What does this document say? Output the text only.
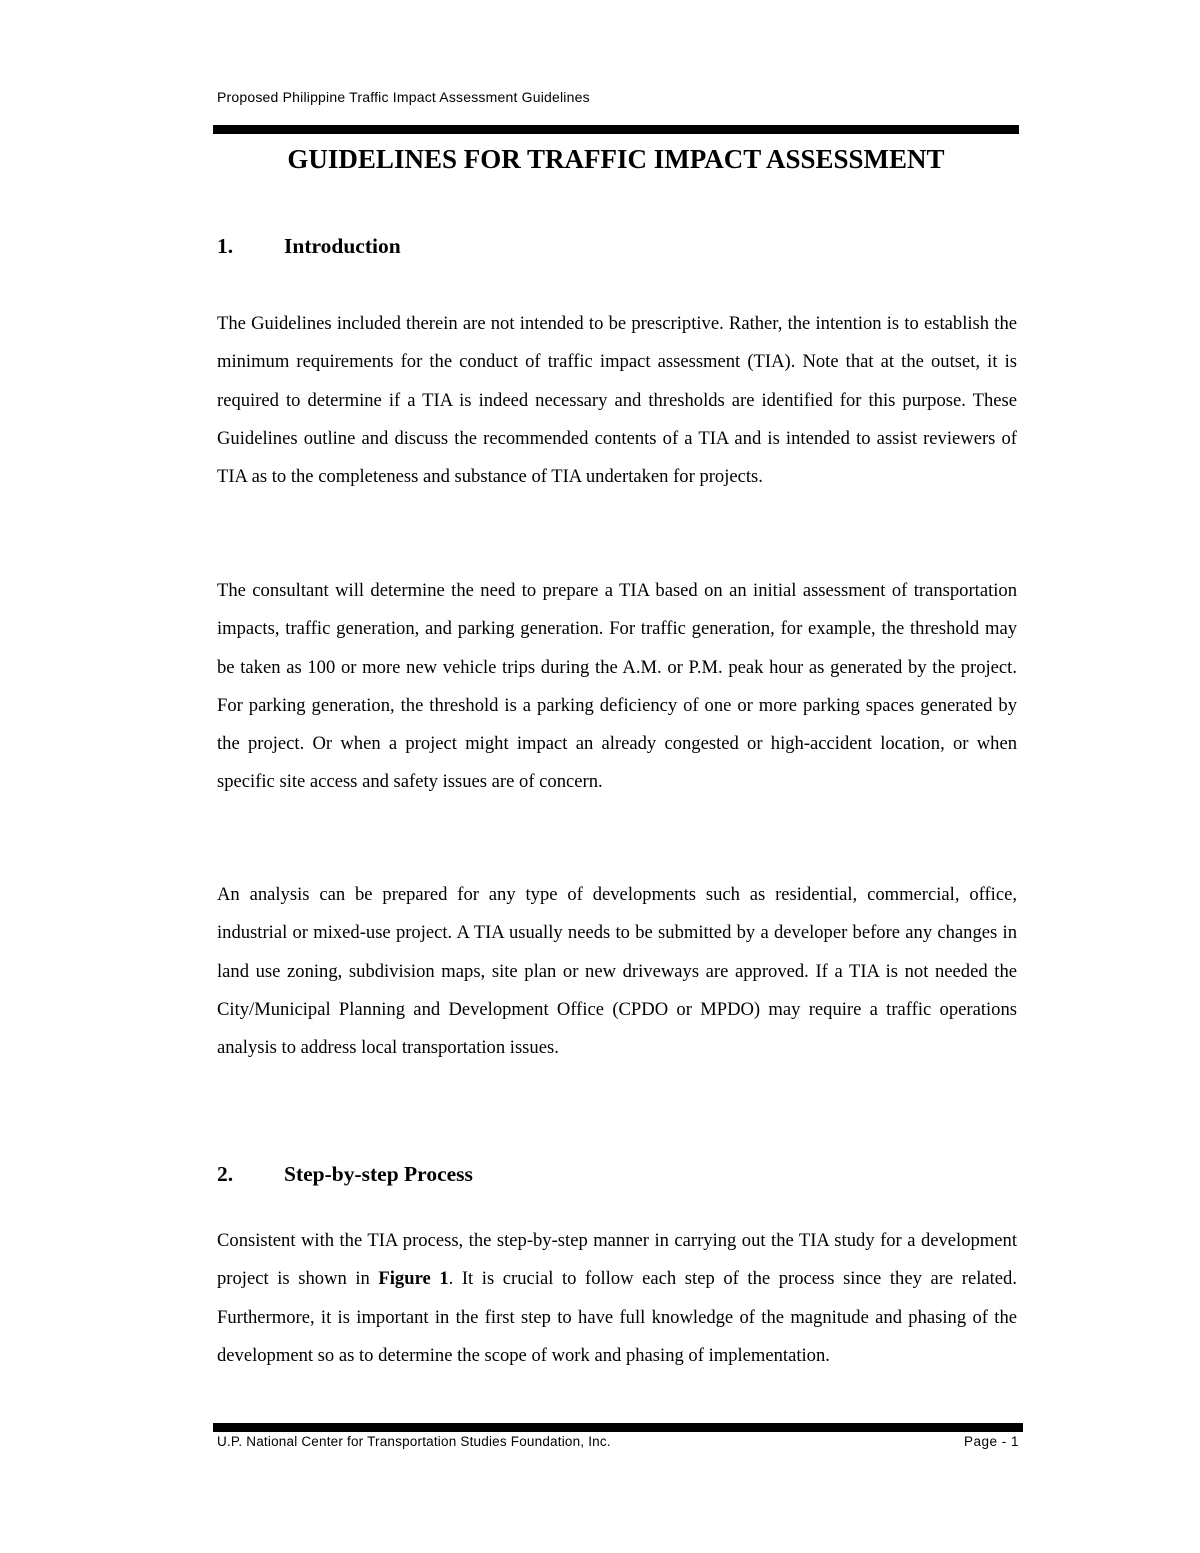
Proposed Philippine Traffic Impact Assessment Guidelines
GUIDELINES FOR TRAFFIC IMPACT ASSESSMENT
1. Introduction

The Guidelines included therein are not intended to be prescriptive. Rather, the intention is to establish the minimum requirements for the conduct of traffic impact assessment (TIA). Note that at the outset, it is required to determine if a TIA is indeed necessary and thresholds are identified for this purpose. These Guidelines outline and discuss the recommended contents of a TIA and is intended to assist reviewers of TIA as to the completeness and substance of TIA undertaken for projects.

The consultant will determine the need to prepare a TIA based on an initial assessment of transportation impacts, traffic generation, and parking generation. For traffic generation, for example, the threshold may be taken as 100 or more new vehicle trips during the A.M. or P.M. peak hour as generated by the project. For parking generation, the threshold is a parking deficiency of one or more parking spaces generated by the project. Or when a project might impact an already congested or high-accident location, or when specific site access and safety issues are of concern.

An analysis can be prepared for any type of developments such as residential, commercial, office, industrial or mixed-use project. A TIA usually needs to be submitted by a developer before any changes in land use zoning, subdivision maps, site plan or new driveways are approved. If a TIA is not needed the City/Municipal Planning and Development Office (CPDO or MPDO) may require a traffic operations analysis to address local transportation issues.

2. Step-by-step Process

Consistent with the TIA process, the step-by-step manner in carrying out the TIA study for a development project is shown in Figure 1. It is crucial to follow each step of the process since they are related. Furthermore, it is important in the first step to have full knowledge of the magnitude and phasing of the development so as to determine the scope of work and phasing of implementation.

U.P. National Center for Transportation Studies Foundation, Inc.	Page - 1
